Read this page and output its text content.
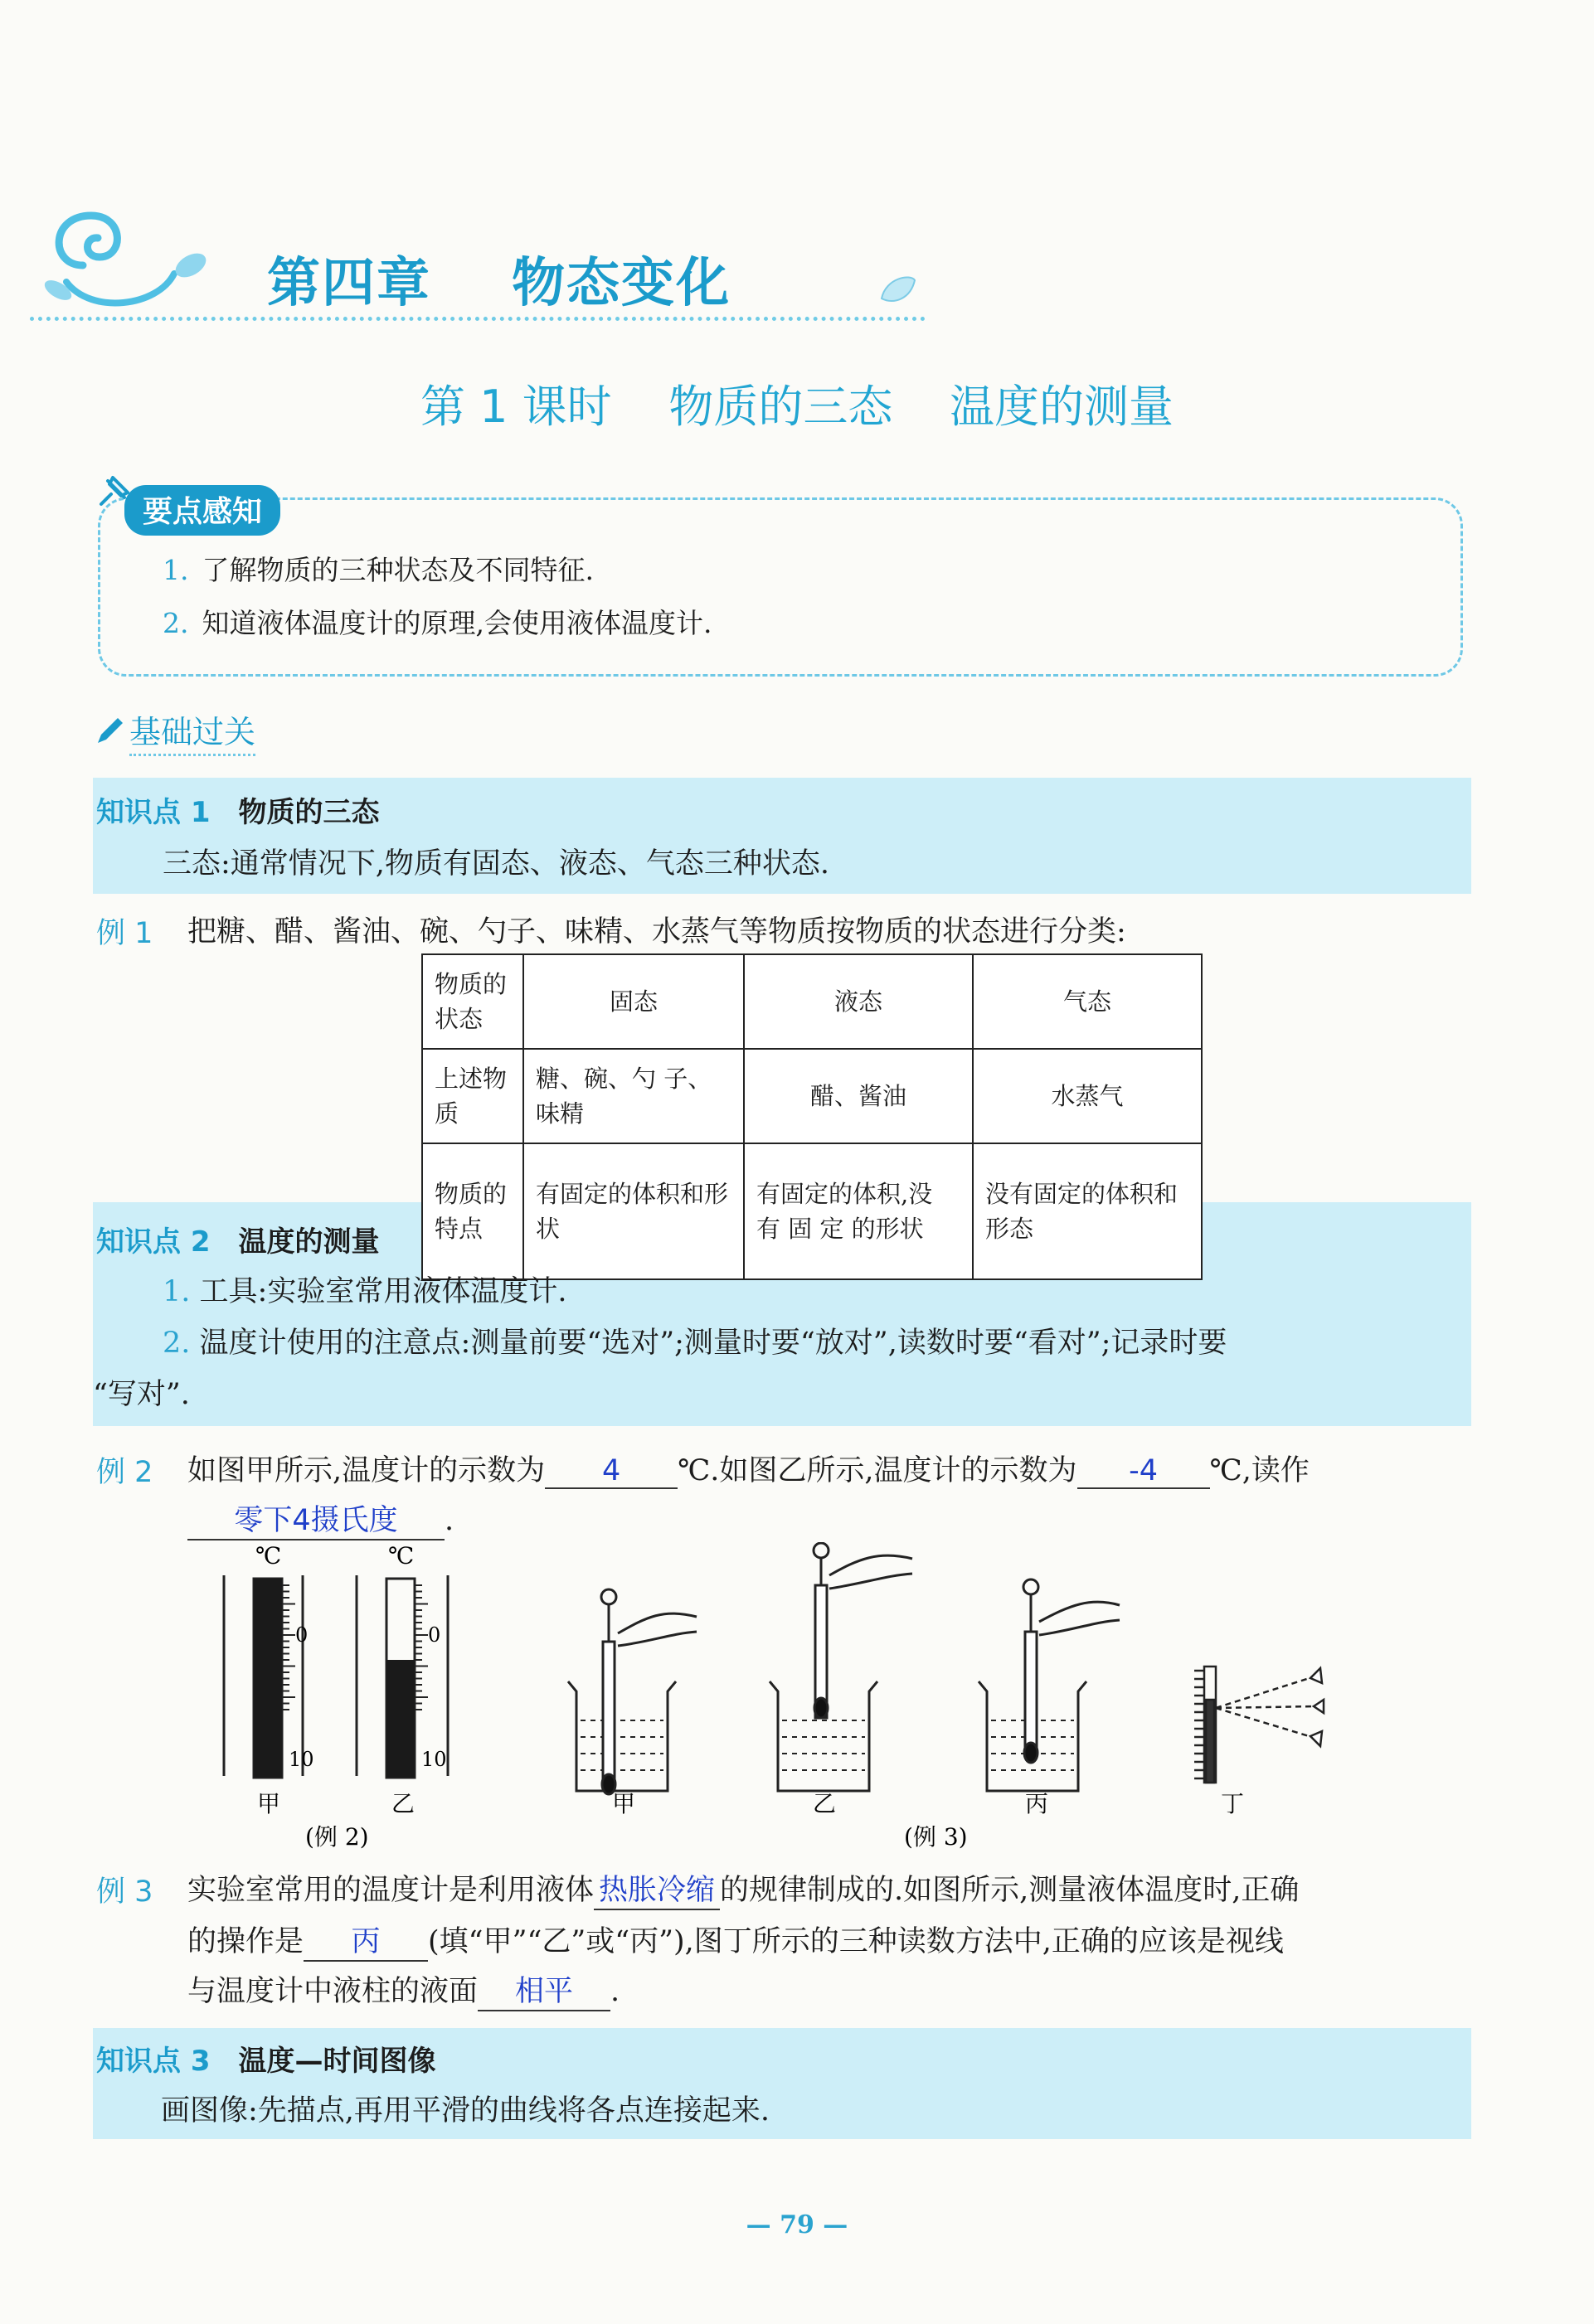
第四章    物态变化
第 1 课时    物质的三态    温度的测量
要点感知
1. 了解物质的三种状态及不同特征.
2. 知道液体温度计的原理,会使用液体温度计.
基础过关
知识点 1 物质的三态
三态:通常情况下,物质有固态、液态、气态三种状态.
例 1 把糖、醋、酱油、碗、勺子、味精、水蒸气等物质按物质的状态进行分类:
知识点 2 温度的测量
物质的状态	固态	液态	气态
上述物质	糖、碗、勺 子、味精	醋、酱油	水蒸气
物质的特点	有固定的体积和形状	有固定的体积,没 有 固 定 的形状	没有固定的体积和形态
1. 工具:实验室常用液体温度计.
2. 温度计使用的注意点:测量前要“选对”;测量时要“放对”,读数时要“看对”;记录时要
“写对”.
例 2 如图甲所示,温度计的示数为 4 ℃.如图乙所示,温度计的示数为 -4 ℃,读作
零下4摄氏度 .
℃
0
10
甲
℃
0
10
乙
(例 2)
甲	乙	丙	丁
(例 3)
例 3 实验室常用的温度计是利用液体 热胀冷缩 的规律制成的.如图所示,测量液体温度时,正确
的操作是 丙 (填“甲”“乙”或“丙”),图丁所示的三种读数方法中,正确的应该是视线
与温度计中液柱的液面 相平 .
知识点 3 温度—时间图像
画图像:先描点,再用平滑的曲线将各点连接起来.
— 79 —
